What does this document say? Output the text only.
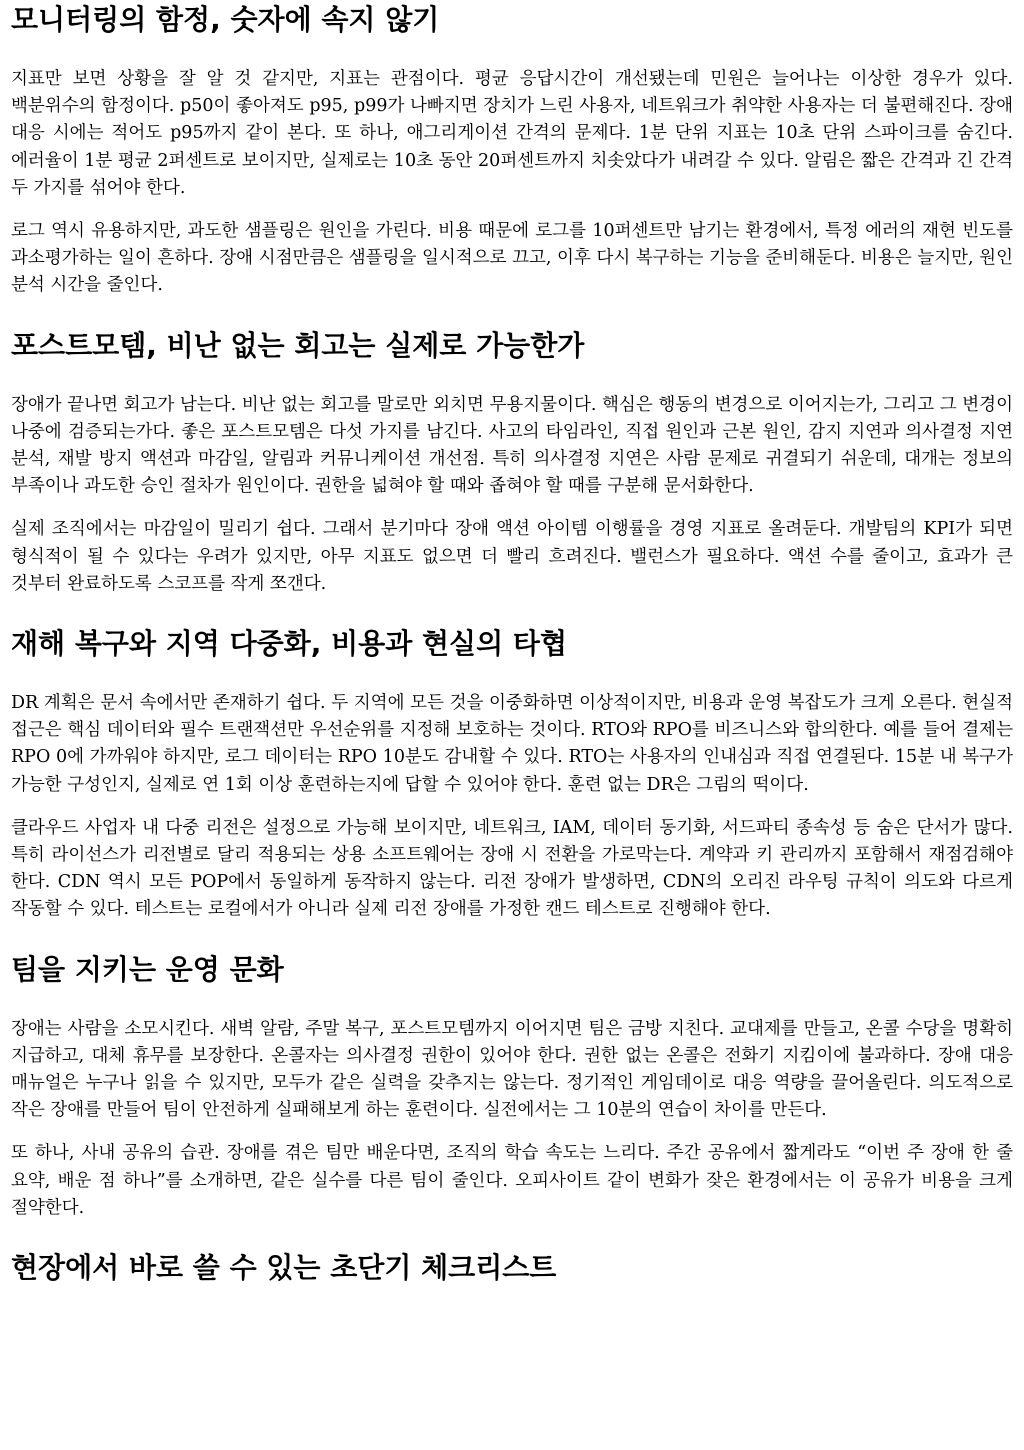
모니터링의 함정, 숫자에 속지 않기

지표만 보면 상황을 잘 알 것 같지만, 지표는 관점이다. 평균 응답시간이 개선됐는데 민원은 늘어나는 이상한 경우가 있다. 백분위수의 함정이다. p50이 좋아져도 p95, p99가 나빠지면 장치가 느린 사용자, 네트워크가 취약한 사용자는 더 불편해진다. 장애 대응 시에는 적어도 p95까지 같이 본다. 또 하나, 애그리게이션 간격의 문제다. 1분 단위 지표는 10초 단위 스파이크를 숨긴다. 에러율이 1분 평균 2퍼센트로 보이지만, 실제로는 10초 동안 20퍼센트까지 치솟았다가 내려갈 수 있다. 알림은 짧은 간격과 긴 간격 두 가지를 섞어야 한다.

로그 역시 유용하지만, 과도한 샘플링은 원인을 가린다. 비용 때문에 로그를 10퍼센트만 남기는 환경에서, 특정 에러의 재현 빈도를 과소평가하는 일이 흔하다. 장애 시점만큼은 샘플링을 일시적으로 끄고, 이후 다시 복구하는 기능을 준비해둔다. 비용은 늘지만, 원인 분석 시간을 줄인다.

포스트모템, 비난 없는 회고는 실제로 가능한가

장애가 끝나면 회고가 남는다. 비난 없는 회고를 말로만 외치면 무용지물이다. 핵심은 행동의 변경으로 이어지는가, 그리고 그 변경이 나중에 검증되는가다. 좋은 포스트모템은 다섯 가지를 남긴다. 사고의 타임라인, 직접 원인과 근본 원인, 감지 지연과 의사결정 지연 분석, 재발 방지 액션과 마감일, 알림과 커뮤니케이션 개선점. 특히 의사결정 지연은 사람 문제로 귀결되기 쉬운데, 대개는 정보의 부족이나 과도한 승인 절차가 원인이다. 권한을 넓혀야 할 때와 좁혀야 할 때를 구분해 문서화한다.

실제 조직에서는 마감일이 밀리기 쉽다. 그래서 분기마다 장애 액션 아이템 이행률을 경영 지표로 올려둔다. 개발팀의 KPI가 되면 형식적이 될 수 있다는 우려가 있지만, 아무 지표도 없으면 더 빨리 흐려진다. 밸런스가 필요하다. 액션 수를 줄이고, 효과가 큰 것부터 완료하도록 스코프를 작게 쪼갠다.

재해 복구와 지역 다중화, 비용과 현실의 타협

DR 계획은 문서 속에서만 존재하기 쉽다. 두 지역에 모든 것을 이중화하면 이상적이지만, 비용과 운영 복잡도가 크게 오른다. 현실적 접근은 핵심 데이터와 필수 트랜잭션만 우선순위를 지정해 보호하는 것이다. RTO와 RPO를 비즈니스와 합의한다. 예를 들어 결제는 RPO 0에 가까워야 하지만, 로그 데이터는 RPO 10분도 감내할 수 있다. RTO는 사용자의 인내심과 직접 연결된다. 15분 내 복구가 가능한 구성인지, 실제로 연 1회 이상 훈련하는지에 답할 수 있어야 한다. 훈련 없는 DR은 그림의 떡이다.

클라우드 사업자 내 다중 리전은 설정으로 가능해 보이지만, 네트워크, IAM, 데이터 동기화, 서드파티 종속성 등 숨은 단서가 많다. 특히 라이선스가 리전별로 달리 적용되는 상용 소프트웨어는 장애 시 전환을 가로막는다. 계약과 키 관리까지 포함해서 재점검해야 한다. CDN 역시 모든 POP에서 동일하게 동작하지 않는다. 리전 장애가 발생하면, CDN의 오리진 라우팅 규칙이 의도와 다르게 작동할 수 있다. 테스트는 로컬에서가 아니라 실제 리전 장애를 가정한 캔드 테스트로 진행해야 한다.

팀을 지키는 운영 문화

장애는 사람을 소모시킨다. 새벽 알람, 주말 복구, 포스트모템까지 이어지면 팀은 금방 지친다. 교대제를 만들고, 온콜 수당을 명확히 지급하고, 대체 휴무를 보장한다. 온콜자는 의사결정 권한이 있어야 한다. 권한 없는 온콜은 전화기 지킴이에 불과하다. 장애 대응 매뉴얼은 누구나 읽을 수 있지만, 모두가 같은 실력을 갖추지는 않는다. 정기적인 게임데이로 대응 역량을 끌어올린다. 의도적으로 작은 장애를 만들어 팀이 안전하게 실패해보게 하는 훈련이다. 실전에서는 그 10분의 연습이 차이를 만든다.

또 하나, 사내 공유의 습관. 장애를 겪은 팀만 배운다면, 조직의 학습 속도는 느리다. 주간 공유에서 짧게라도 “이번 주 장애 한 줄 요약, 배운 점 하나”를 소개하면, 같은 실수를 다른 팀이 줄인다. 오피사이트 같이 변화가 잦은 환경에서는 이 공유가 비용을 크게 절약한다.

현장에서 바로 쓸 수 있는 초단기 체크리스트
